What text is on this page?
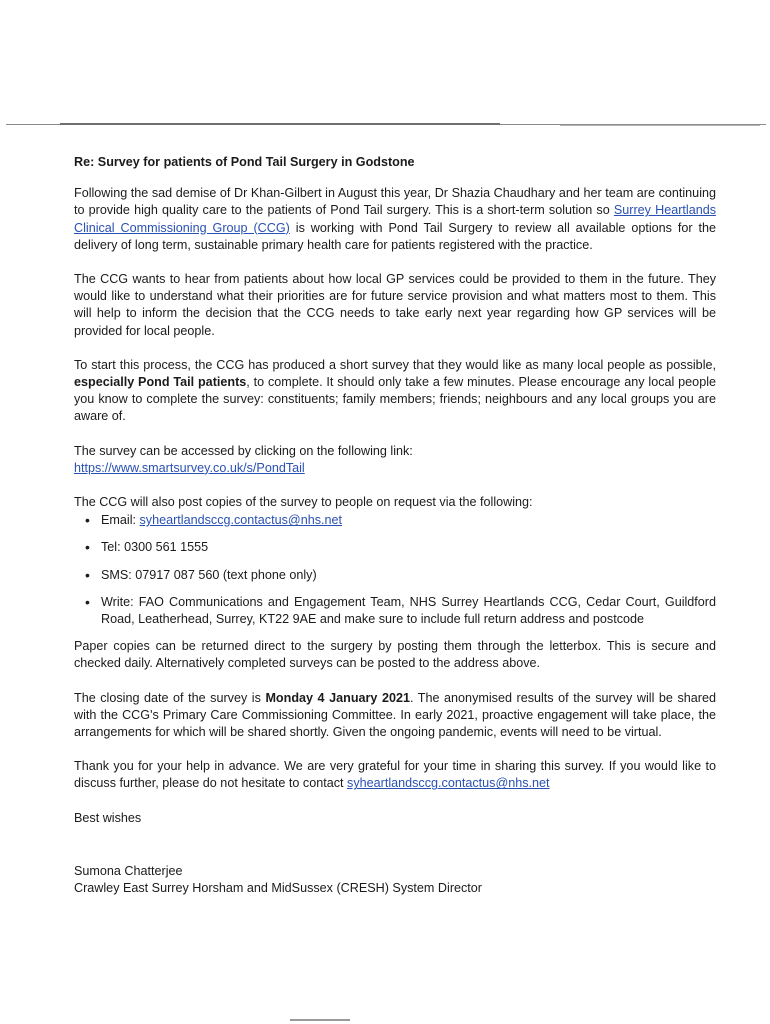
Re: Survey for patients of Pond Tail Surgery in Godstone

Following the sad demise of Dr Khan-Gilbert in August this year, Dr Shazia Chaudhary and her team are continuing to provide high quality care to the patients of Pond Tail surgery. This is a short-term solution so Surrey Heartlands Clinical Commissioning Group (CCG) is working with Pond Tail Surgery to review all available options for the delivery of long term, sustainable primary health care for patients registered with the practice.

The CCG wants to hear from patients about how local GP services could be provided to them in the future. They would like to understand what their priorities are for future service provision and what matters most to them. This will help to inform the decision that the CCG needs to take early next year regarding how GP services will be provided for local people.

To start this process, the CCG has produced a short survey that they would like as many local people as possible, especially Pond Tail patients, to complete. It should only take a few minutes. Please encourage any local people you know to complete the survey: constituents; family members; friends; neighbours and any local groups you are aware of.

The survey can be accessed by clicking on the following link:
https://www.smartsurvey.co.uk/s/PondTail

The CCG will also post copies of the survey to people on request via the following:

• Email: syheartlandsccg.contactus@nhs.net
• Tel: 0300 561 1555
• SMS: 07917 087 560 (text phone only)
• Write: FAO Communications and Engagement Team, NHS Surrey Heartlands CCG, Cedar Court, Guildford Road, Leatherhead, Surrey, KT22 9AE and make sure to include full return address and postcode

Paper copies can be returned direct to the surgery by posting them through the letterbox. This is secure and checked daily. Alternatively completed surveys can be posted to the address above.

The closing date of the survey is Monday 4 January 2021. The anonymised results of the survey will be shared with the CCG's Primary Care Commissioning Committee. In early 2021, proactive engagement will take place, the arrangements for which will be shared shortly. Given the ongoing pandemic, events will need to be virtual.

Thank you for your help in advance. We are very grateful for your time in sharing this survey. If you would like to discuss further, please do not hesitate to contact syheartlandsccg.contactus@nhs.net

Best wishes

Sumona Chatterjee

Crawley East Surrey Horsham and MidSussex (CRESH) System Director
